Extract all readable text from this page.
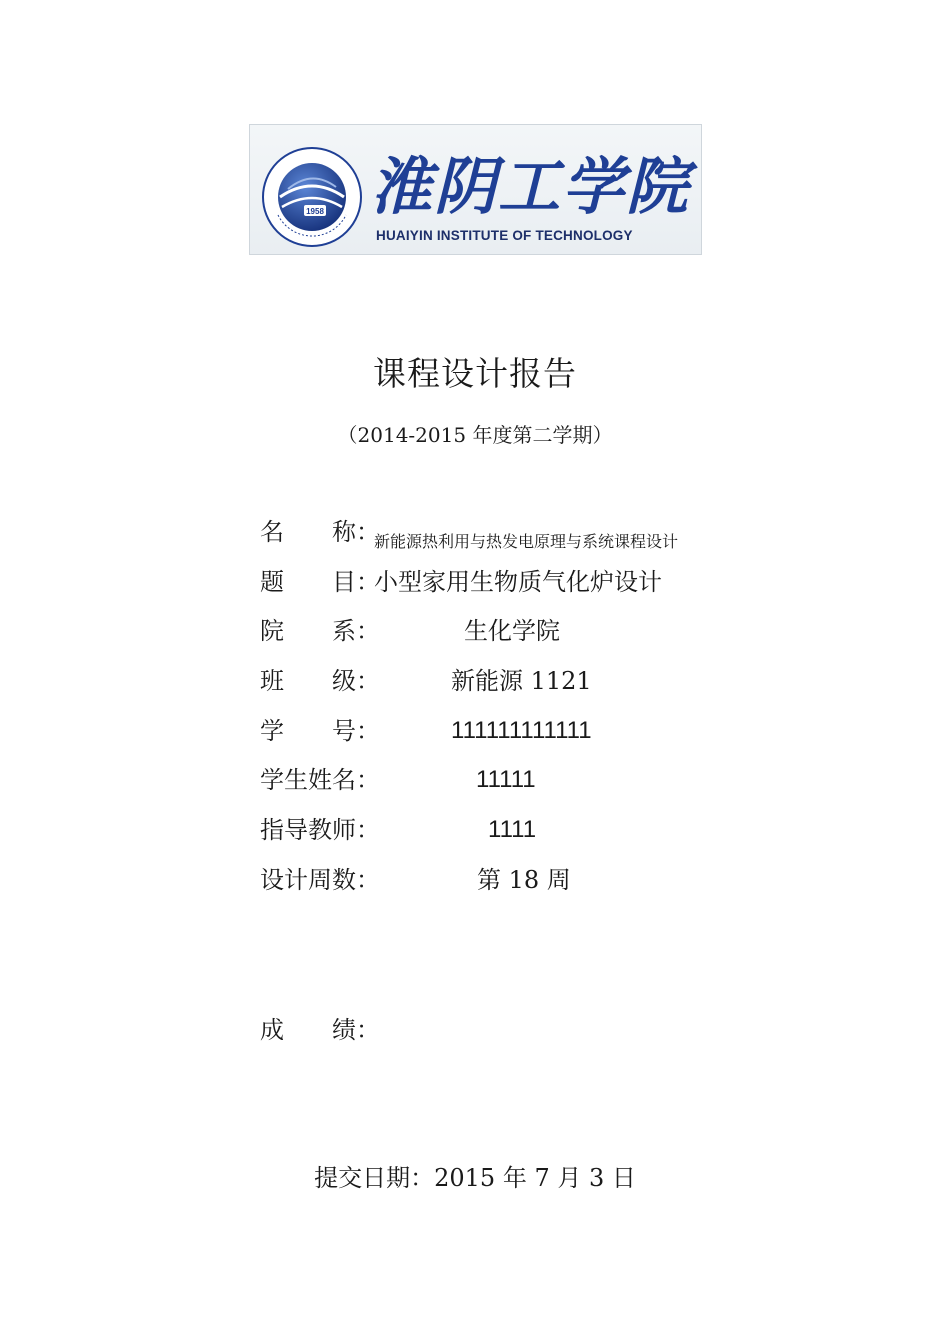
1958 淮阴工学院
HUAIYIN INSTITUTE OF TECHNOLOGY
课程设计报告
（2014-2015 年度第二学期）
名　　称：
新能源热利用与热发电原理与系统课程设计
题　　目：
小型家用生物质气化炉设计
院　　系：	生化学院
班　　级：	新能源 1121
学　　号：	111111111111
学生姓名：	11111
指导教师：	1111
设计周数：	第 18 周
成　　绩：
提交日期：2015 年 7 月 3 日
